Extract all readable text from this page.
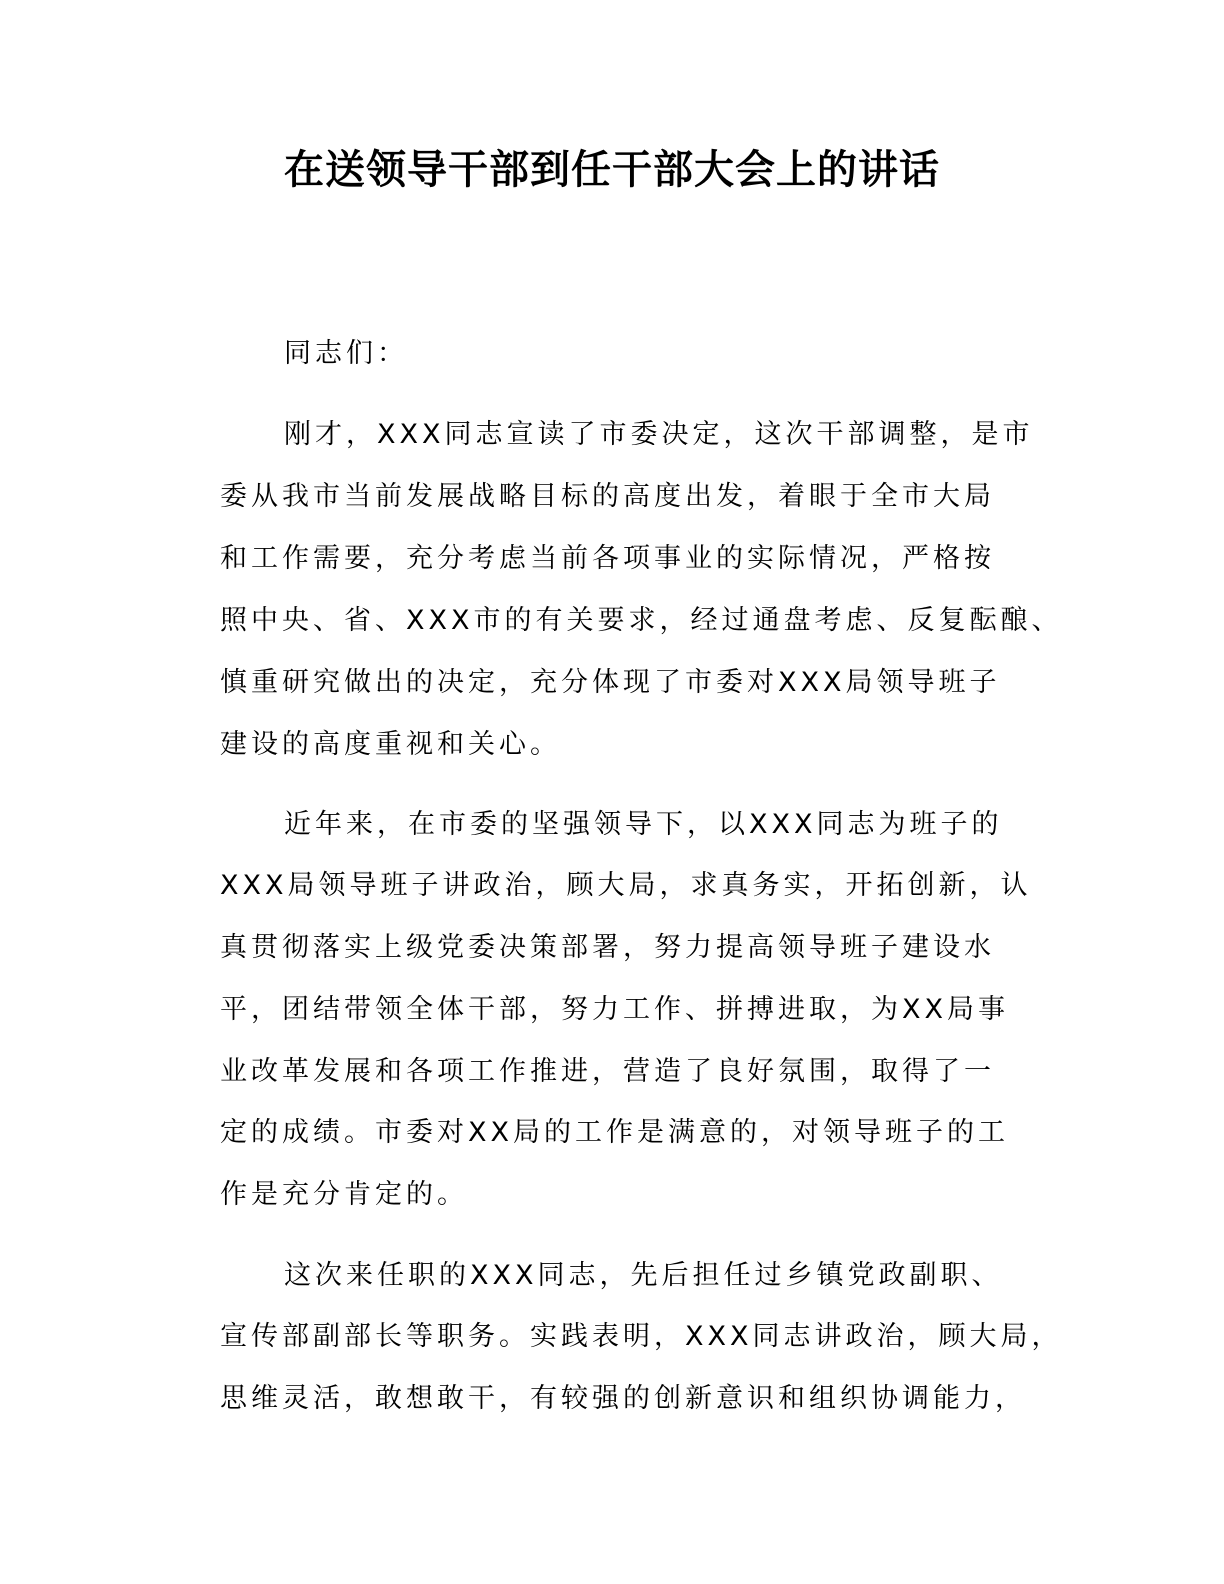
在送领导干部到任干部大会上的讲话

同志们：

刚才，XXX同志宣读了市委决定，这次干部调整，是市

委从我市当前发展战略目标的高度出发，着眼于全市大局

和工作需要，充分考虑当前各项事业的实际情况，严格按

照中央、省、XXX市的有关要求，经过通盘考虑、反复酝酿、

慎重研究做出的决定，充分体现了市委对XXX局领导班子

建设的高度重视和关心。

近年来，在市委的坚强领导下，以XXX同志为班子的

XXX局领导班子讲政治，顾大局，求真务实，开拓创新，认

真贯彻落实上级党委决策部署，努力提高领导班子建设水

平，团结带领全体干部，努力工作、拼搏进取，为XX局事

业改革发展和各项工作推进，营造了良好氛围，取得了一

定的成绩。市委对XX局的工作是满意的，对领导班子的工

作是充分肯定的。

这次来任职的XXX同志，先后担任过乡镇党政副职、

宣传部副部长等职务。实践表明，XXX同志讲政治，顾大局，

思维灵活，敢想敢干，有较强的创新意识和组织协调能力，
